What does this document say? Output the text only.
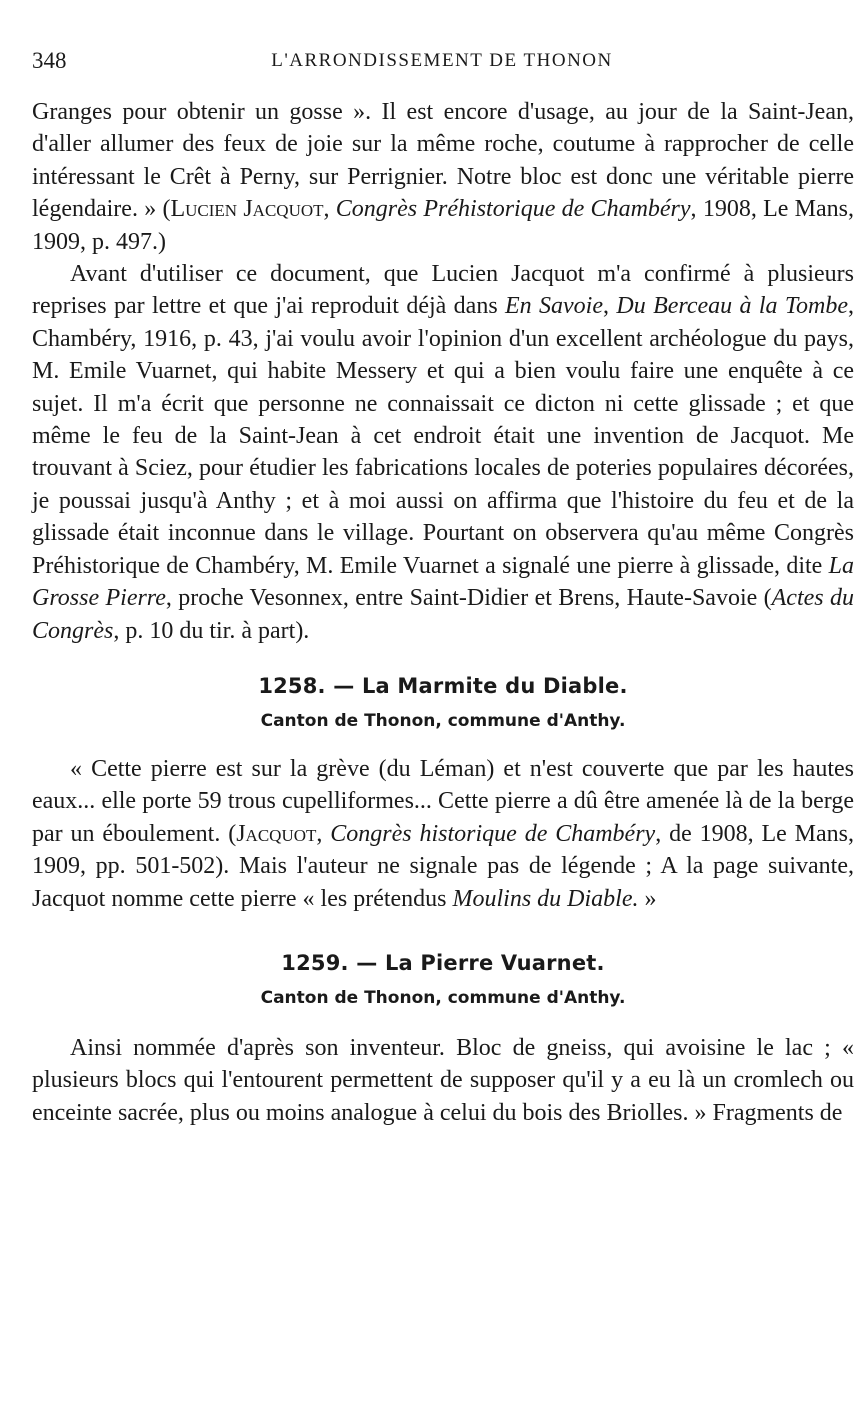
348	L'ARRONDISSEMENT DE THONON

Granges pour obtenir un gosse ». Il est encore d'usage, au jour de la Saint-Jean, d'aller allumer des feux de joie sur la même roche, coutume à rapprocher de celle intéressant le Crêt à Perny, sur Perrignier. Notre bloc est donc une véritable pierre légendaire. » (Lucien Jacquot, Congrès Préhistorique de Chambéry, 1908, Le Mans, 1909, p. 497.)

Avant d'utiliser ce document, que Lucien Jacquot m'a confirmé à plusieurs reprises par lettre et que j'ai reproduit déjà dans En Savoie, Du Berceau à la Tombe, Chambéry, 1916, p. 43, j'ai voulu avoir l'opinion d'un excellent archéologue du pays, M. Emile Vuarnet, qui habite Messery et qui a bien voulu faire une enquête à ce sujet. Il m'a écrit que personne ne connaissait ce dicton ni cette glissade ; et que même le feu de la Saint-Jean à cet endroit était une invention de Jacquot. Me trouvant à Sciez, pour étudier les fabrications locales de poteries populaires décorées, je poussai jusqu'à Anthy ; et à moi aussi on affirma que l'histoire du feu et de la glissade était inconnue dans le village. Pourtant on observera qu'au même Congrès Préhistorique de Chambéry, M. Emile Vuarnet a signalé une pierre à glissade, dite La Grosse Pierre, proche Vesonnex, entre Saint-Didier et Brens, Haute-Savoie (Actes du Congrès, p. 10 du tir. à part).

1258. — La Marmite du Diable.
Canton de Thonon, commune d'Anthy.

« Cette pierre est sur la grève (du Léman) et n'est couverte que par les hautes eaux... elle porte 59 trous cupelliformes... Cette pierre a dû être amenée là de la berge par un éboulement. (Jacquot, Congrès historique de Chambéry, de 1908, Le Mans, 1909, pp. 501-502). Mais l'auteur ne signale pas de légende ; A la page suivante, Jacquot nomme cette pierre « les prétendus Moulins du Diable. »

1259. — La Pierre Vuarnet.
Canton de Thonon, commune d'Anthy.

Ainsi nommée d'après son inventeur. Bloc de gneiss, qui avoisine le lac ; « plusieurs blocs qui l'entourent permettent de supposer qu'il y a eu là un cromlech ou enceinte sacrée, plus ou moins analogue à celui du bois des Briolles. » Fragments de
